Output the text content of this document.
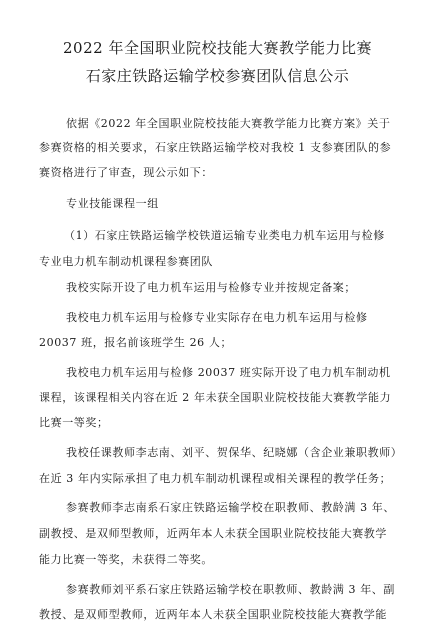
2022 年全国职业院校技能大赛教学能力比赛
石家庄铁路运输学校参赛团队信息公示
依据《2022 年全国职业院校技能大赛教学能力比赛方案》关于
参赛资格的相关要求，石家庄铁路运输学校对我校 1 支参赛团队的参
赛资格进行了审查，现公示如下：
专业技能课程一组
（1）石家庄铁路运输学校铁道运输专业类电力机车运用与检修
专业电力机车制动机课程参赛团队
我校实际开设了电力机车运用与检修专业并按规定备案；
我校电力机车运用与检修专业实际存在电力机车运用与检修
20037 班，报名前该班学生 26 人；
我校电力机车运用与检修 20037 班实际开设了电力机车制动机
课程，该课程相关内容在近 2 年未获全国职业院校技能大赛教学能力
比赛一等奖；
我校任课教师李志南、刘平、贺保华、纪晓娜（含企业兼职教师）
在近 3 年内实际承担了电力机车制动机课程或相关课程的教学任务；
参赛教师李志南系石家庄铁路运输学校在职教师、教龄满 3 年、
副教授、是双师型教师，近两年本人未获全国职业院校技能大赛教学
能力比赛一等奖，未获得二等奖。
参赛教师刘平系石家庄铁路运输学校在职教师、教龄满 3 年、副
教授、是双师型教师，近两年本人未获全国职业院校技能大赛教学能
